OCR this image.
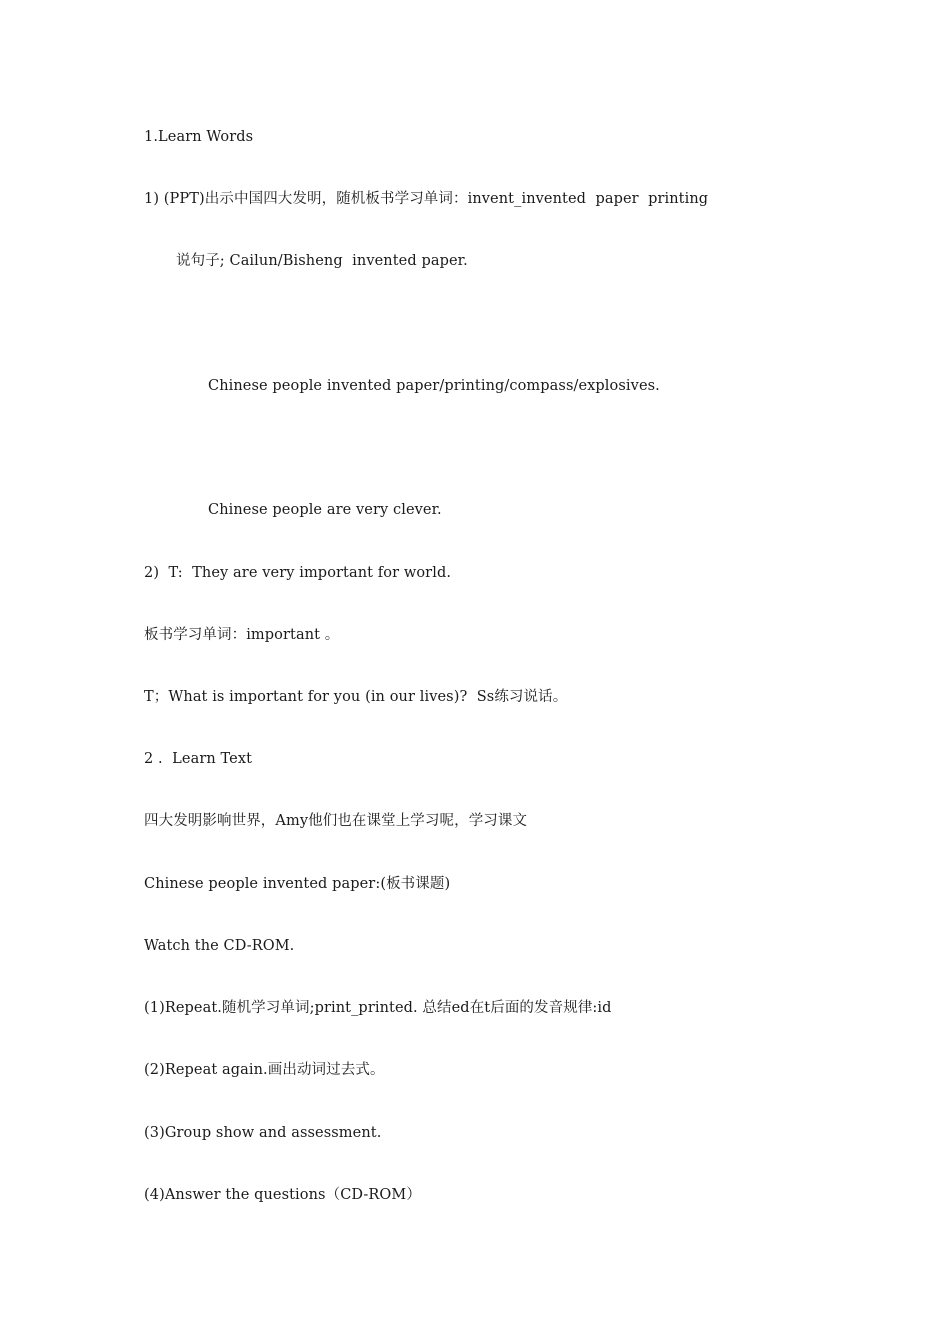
1.Learn Words
1) (PPT)出示中国四大发明，随机板书学习单词：invent_invented  paper  printing
说句子; Cailun/Bisheng  invented paper.
Chinese people invented paper/printing/compass/explosives.
Chinese people are very clever.
2)  T:  They are very important for world.
板书学习单词：important 。
T；What is important for you (in our lives)?  Ss练习说话。
2 .  Learn Text
四大发明影响世界，Amy他们也在课堂上学习呢，学习课文
Chinese people invented paper:(板书课题)
Watch the CD-ROM.
(1)Repeat.随机学习单词;print_printed. 总结ed在t后面的发音规律:id
(2)Repeat again.画出动词过去式。
(3)Group show and assessment.
(4)Answer the questions（CD-ROM）
